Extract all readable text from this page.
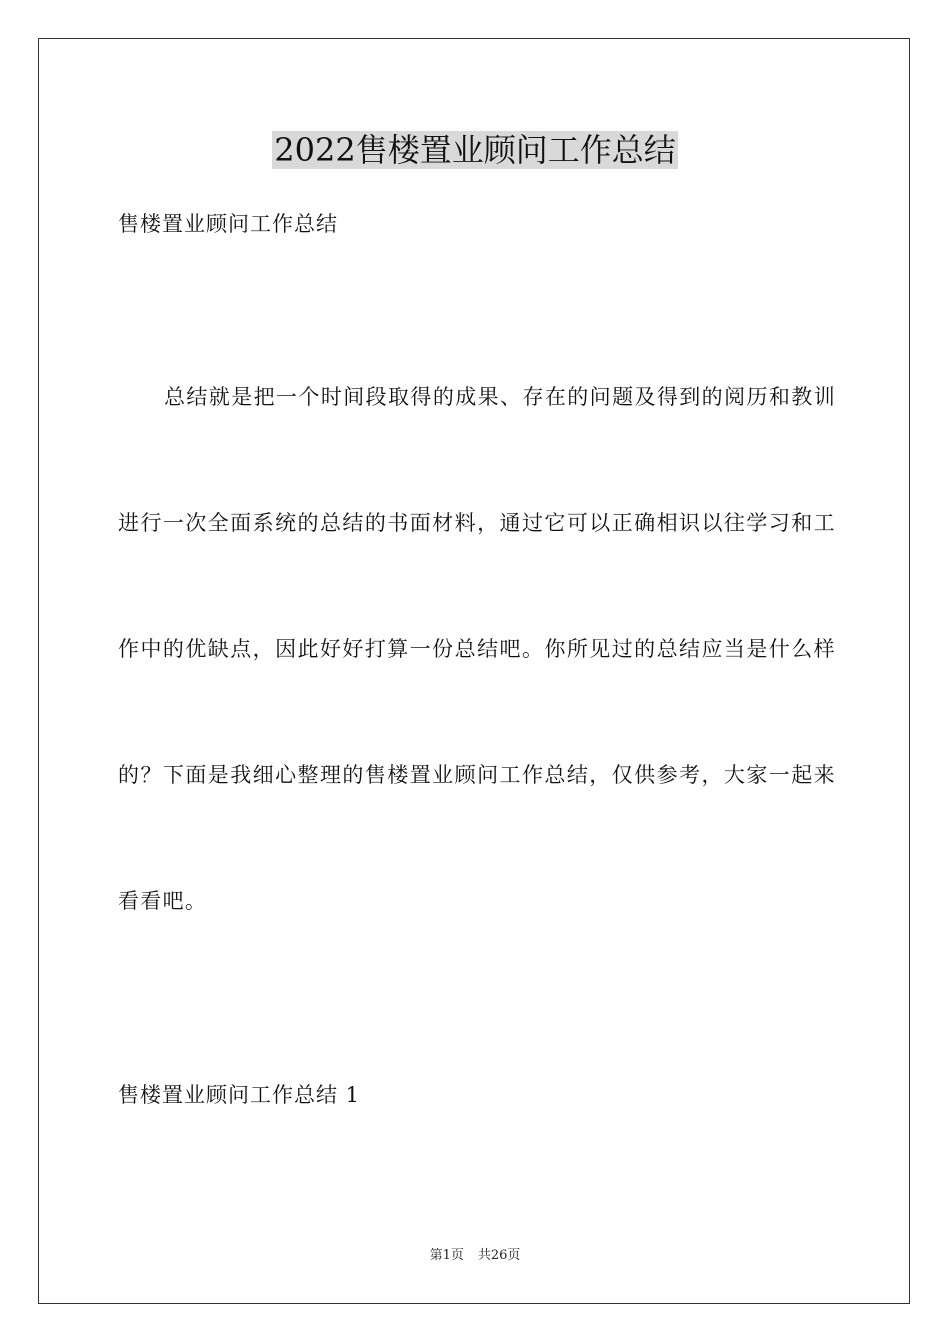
2022售楼置业顾问工作总结
售楼置业顾问工作总结

总结就是把一个时间段取得的成果、存在的问题及得到的阅历和教训进行一次全面系统的总结的书面材料，通过它可以正确相识以往学习和工作中的优缺点，因此好好打算一份总结吧。你所见过的总结应当是什么样的？下面是我细心整理的售楼置业顾问工作总结，仅供参考，大家一起来看看吧。

售楼置业顾问工作总结 1
第1页 共26页
